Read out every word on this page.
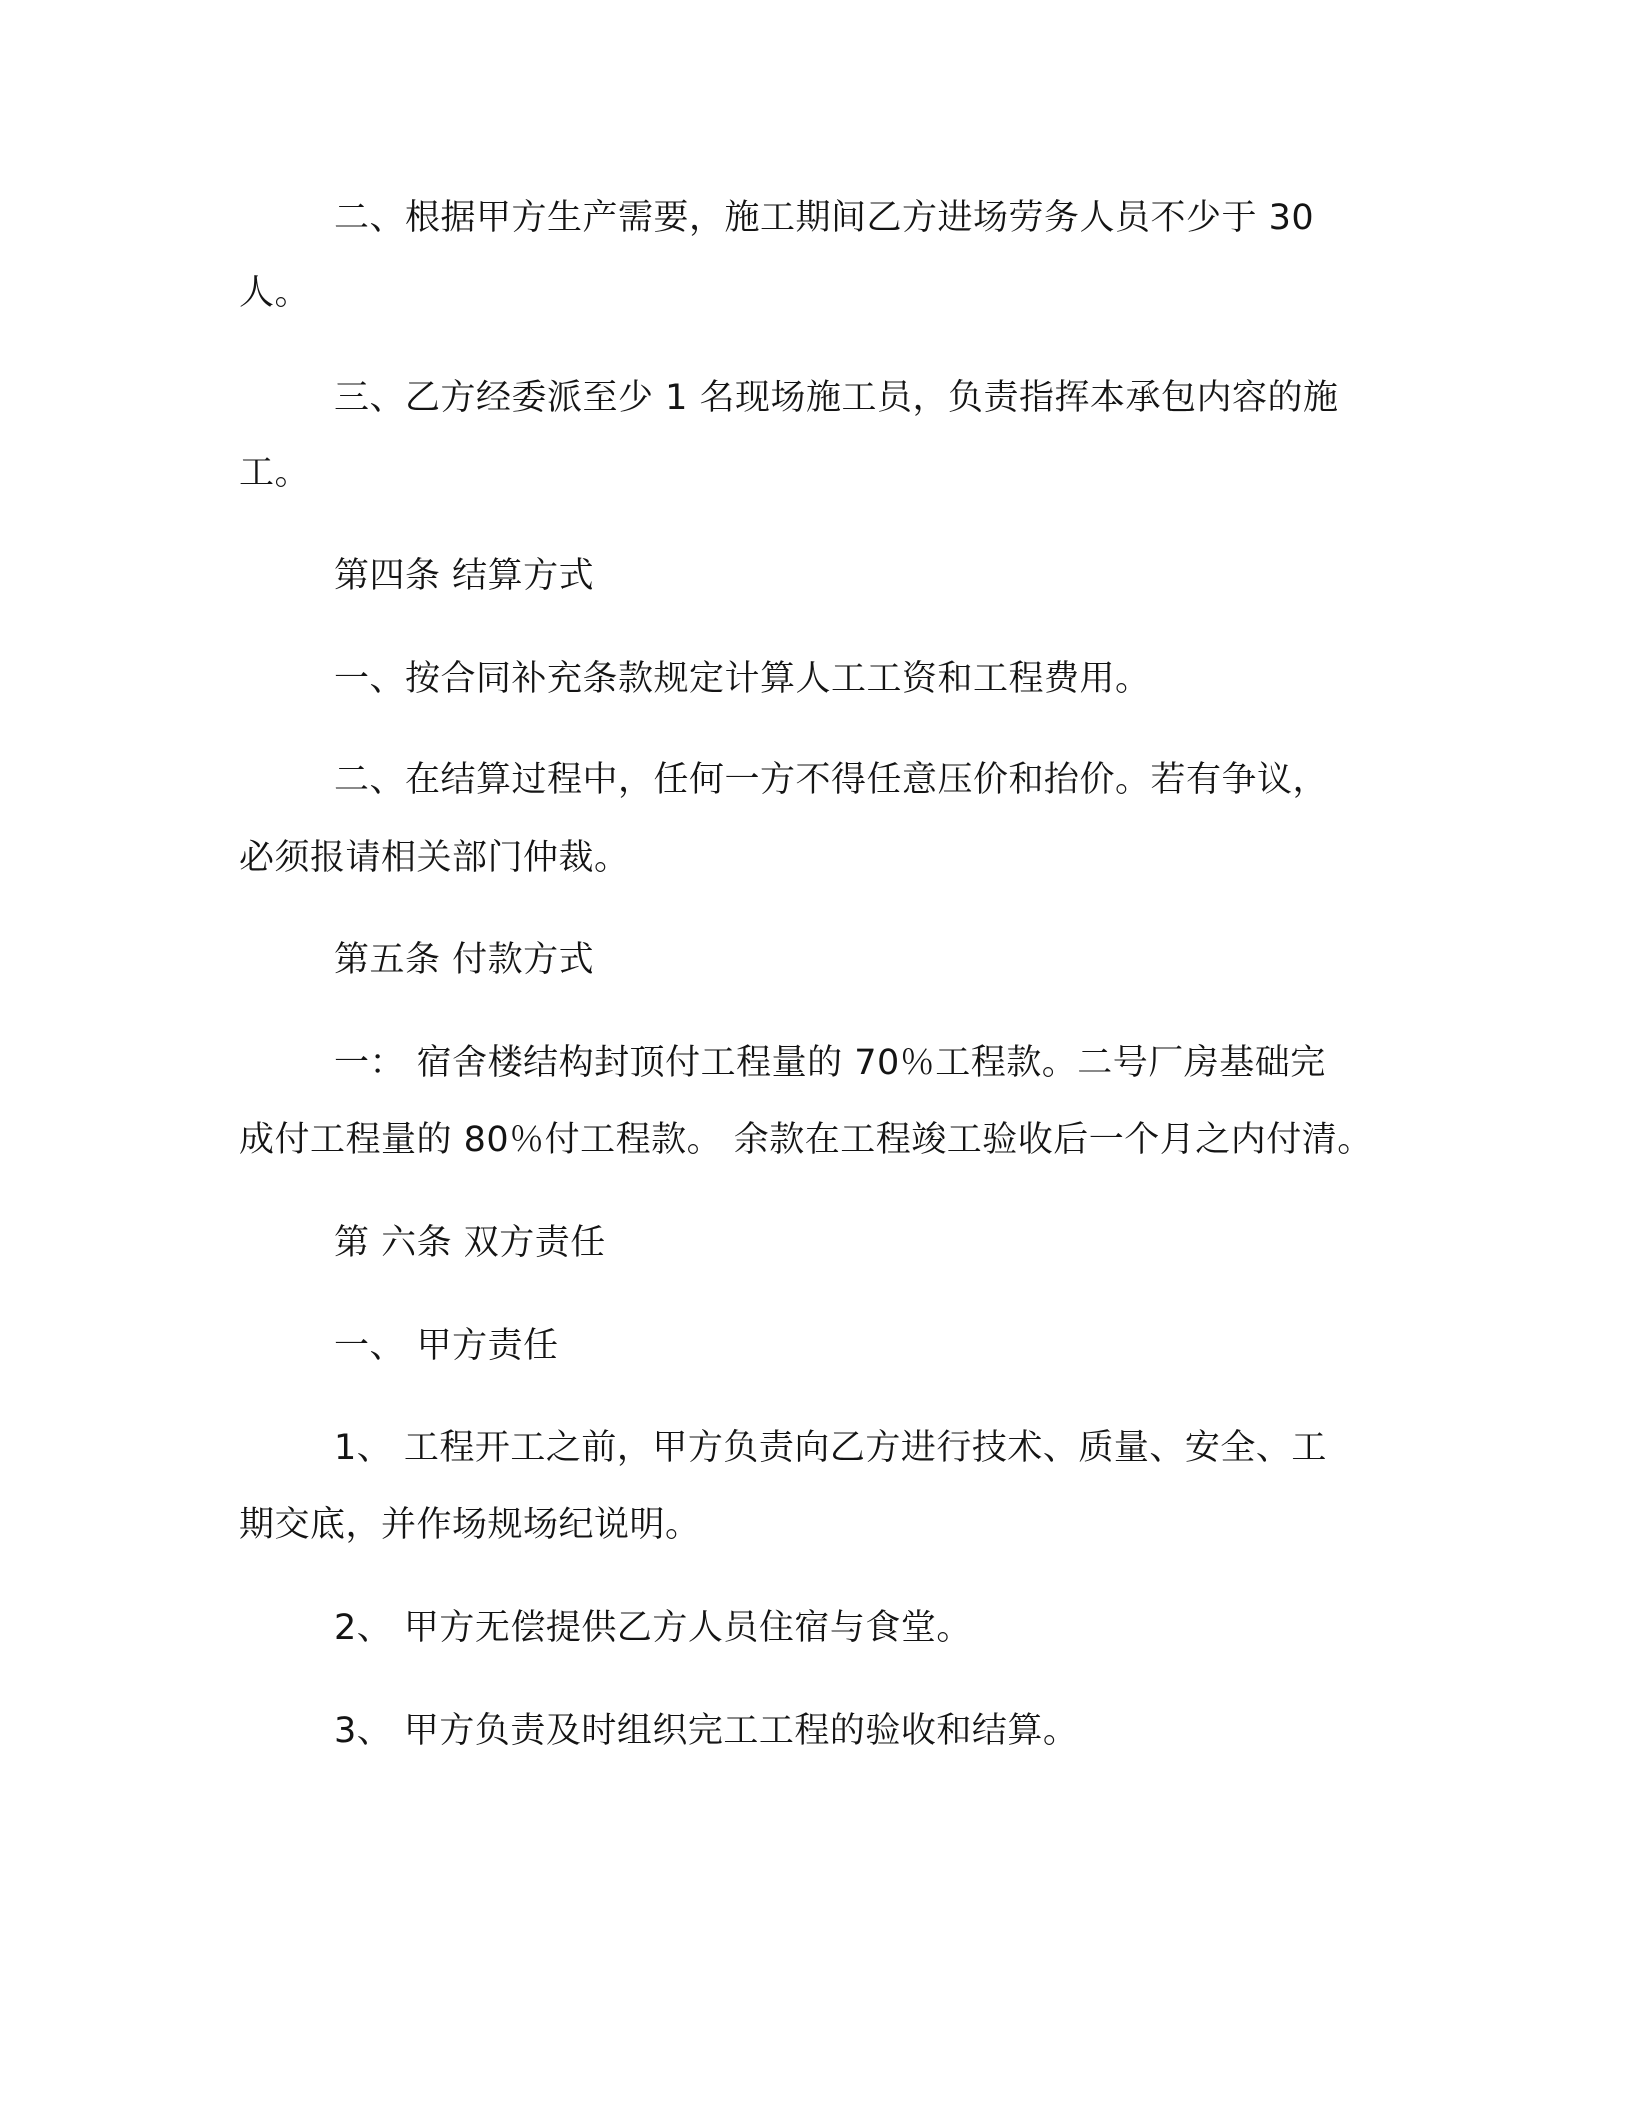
二、根据甲方生产需要，施工期间乙方进场劳务人员不少于 30
人。
三、乙方经委派至少 1 名现场施工员，负责指挥本承包内容的施
工。
第四条 结算方式
一、按合同补充条款规定计算人工工资和工程费用。
二、在结算过程中，任何一方不得任意压价和抬价。若有争议，
必须报请相关部门仲裁。
第五条 付款方式
一： 宿舍楼结构封顶付工程量的 70％工程款。二号厂房基础完
成付工程量的 80％付工程款。 余款在工程竣工验收后一个月之内付清。
第 六条 双方责任
一、 甲方责任
1、 工程开工之前，甲方负责向乙方进行技术、质量、安全、工
期交底，并作场规场纪说明。
2、 甲方无偿提供乙方人员住宿与食堂。
3、 甲方负责及时组织完工工程的验收和结算。
